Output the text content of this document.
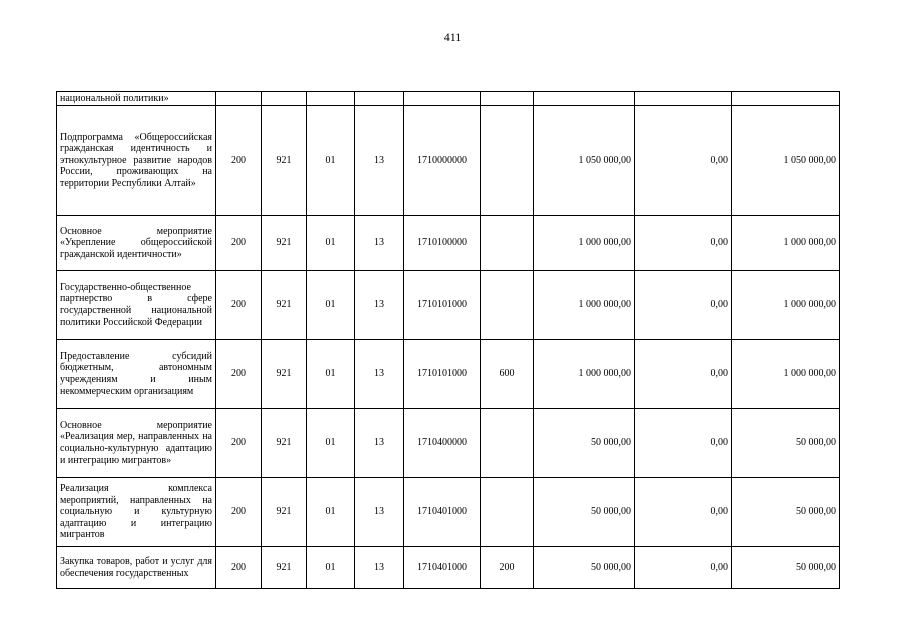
411
национальной политики»									
Подпрограмма «Общероссийская гражданская идентичность и этнокультурное развитие народов России, проживающих на территории Республики Алтай»	200	921	01	13	1710000000		1 050 000,00	0,00	1 050 000,00
Основное мероприятие «Укрепление общероссийской гражданской идентичности»	200	921	01	13	1710100000		1 000 000,00	0,00	1 000 000,00
Государственно-общественное партнерство в сфере государственной национальной политики Российской Федерации	200	921	01	13	1710101000		1 000 000,00	0,00	1 000 000,00
Предоставление субсидий бюджетным, автономным учреждениям и иным некоммерческим организациям	200	921	01	13	1710101000	600	1 000 000,00	0,00	1 000 000,00
Основное мероприятие «Реализация мер, направленных на социально-культурную адаптацию и интеграцию мигрантов»	200	921	01	13	1710400000		50 000,00	0,00	50 000,00
Реализация комплекса мероприятий, направленных на социальную и культурную адаптацию и интеграцию мигрантов	200	921	01	13	1710401000		50 000,00	0,00	50 000,00
Закупка товаров, работ и услуг для обеспечения государственных	200	921	01	13	1710401000	200	50 000,00	0,00	50 000,00
